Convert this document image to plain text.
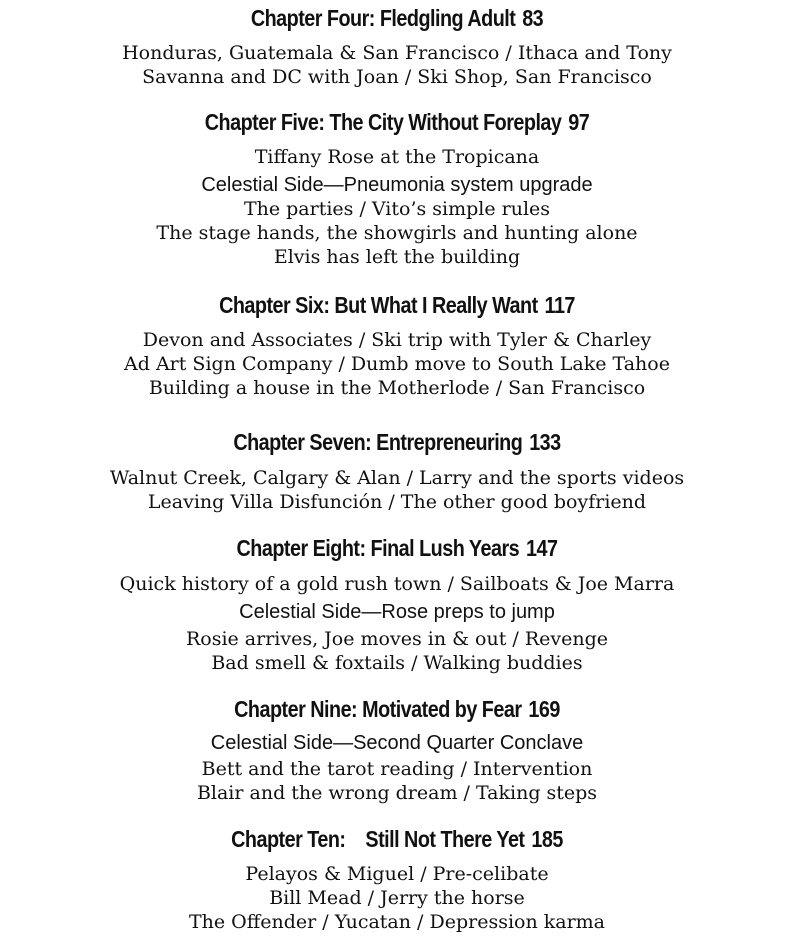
Chapter Four: Fledgling Adult 83
Honduras, Guatemala & San Francisco / Ithaca and Tony
Savanna and DC with Joan / Ski Shop, San Francisco
Chapter Five: The City Without Foreplay 97
Tiffany Rose at the Tropicana
Celestial Side—Pneumonia system upgrade
The parties / Vito’s simple rules
The stage hands, the showgirls and hunting alone
Elvis has left the building
Chapter Six: But What I Really Want 117
Devon and Associates / Ski trip with Tyler & Charley
Ad Art Sign Company / Dumb move to South Lake Tahoe
Building a house in the Motherlode / San Francisco
Chapter Seven: Entrepreneuring 133
Walnut Creek, Calgary & Alan / Larry and the sports videos
Leaving Villa Disfunción / The other good boyfriend
Chapter Eight: Final Lush Years 147
Quick history of a gold rush town / Sailboats & Joe Marra
Celestial Side—Rose preps to jump
Rosie arrives, Joe moves in & out / Revenge
Bad smell & foxtails / Walking buddies
Chapter Nine: Motivated by Fear 169
Celestial Side—Second Quarter Conclave
Bett and the tarot reading / Intervention
Blair and the wrong dream / Taking steps
Chapter Ten:    Still Not There Yet 185
Pelayos & Miguel / Pre-celibate
Bill Mead / Jerry the horse
The Offender / Yucatan / Depression karma
